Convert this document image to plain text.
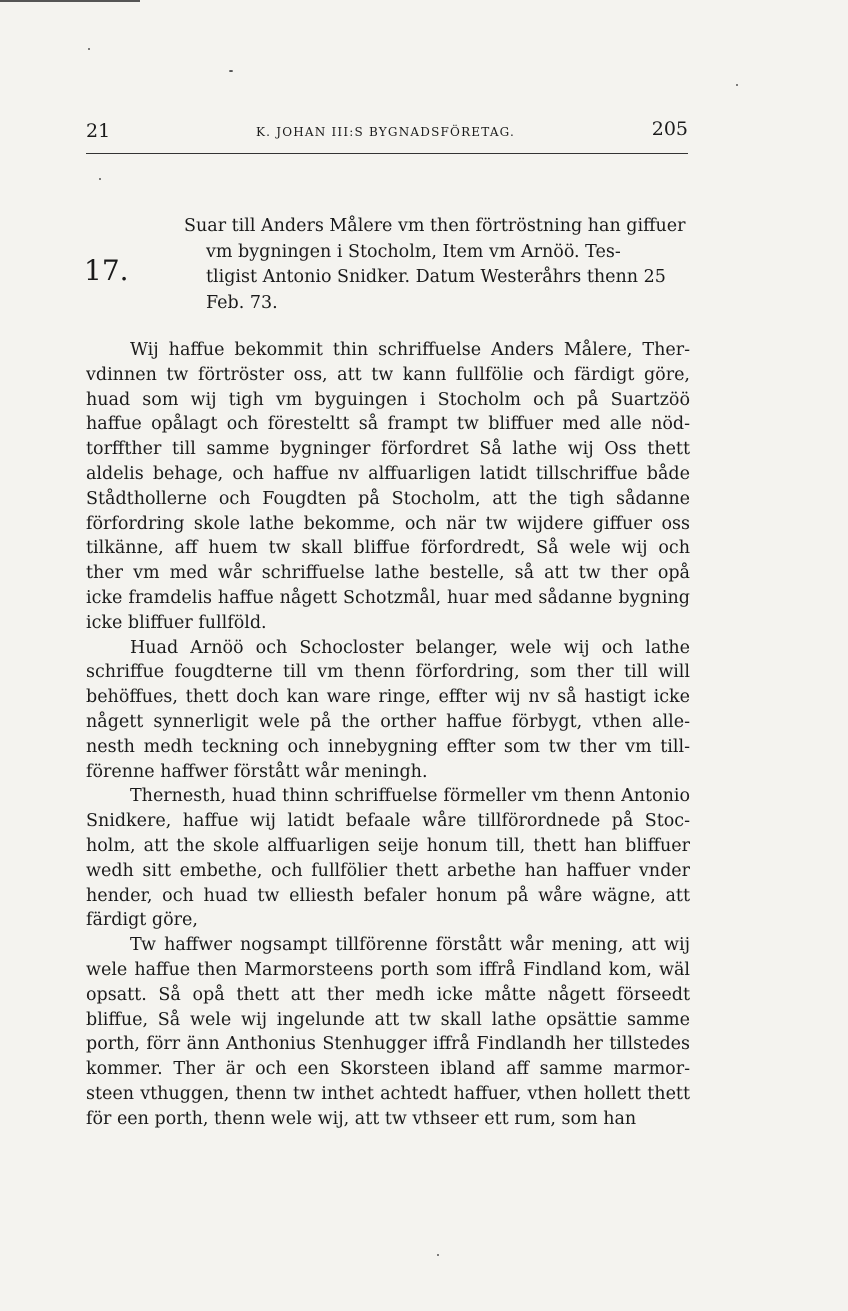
21	K. JOHAN III:S BYGNADSFÖRETAG.	205
17.
Suar till Anders Målere vm then förtröstning han giffuer
vm bygningen i Stocholm, Item vm Arnöö. Tes-
tligist Antonio Snidker. Datum Westeråhrs thenn 25
Feb. 73.
Wij haffue bekommit thin schriffuelse Anders Målere, Ther-
vdinnen tw förtröster oss, att tw kann fullfölie och färdigt göre,
huad som wij tigh vm byguingen i Stocholm och på Suartzöö
haffue opålagt och föresteltt så frampt tw bliffuer med alle nöd-
torffther till samme bygninger förfordret Så lathe wij Oss thett
aldelis behage, och haffue nv alffuarligen latidt tillschriffue både
Stådthollerne och Fougdten på Stocholm, att the tigh sådanne
förfordring skole lathe bekomme, och när tw wijdere giffuer oss
tilkänne, aff huem tw skall bliffue förfordredt, Så wele wij och
ther vm med wår schriffuelse lathe bestelle, så att tw ther opå
icke framdelis haffue någett Schotzmål, huar med sådanne bygning
icke bliffuer fullföld.
Huad Arnöö och Schocloster belanger, wele wij och lathe
schriffue fougdterne till vm thenn förfordring, som ther till will
behöffues, thett doch kan ware ringe, effter wij nv så hastigt icke
någett synnerligit wele på the orther haffue förbygt, vthen alle-
nesth medh teckning och innebygning effter som tw ther vm till-
förenne haffwer förstått wår meningh.
Thernesth, huad thinn schriffuelse förmeller vm thenn Antonio
Snidkere, haffue wij latidt befaale wåre tillförordnede på Stoc-
holm, att the skole alffuarligen seije honum till, thett han bliffuer
wedh sitt embethe, och fullfölier thett arbethe han haffuer vnder
hender, och huad tw elliesth befaler honum på wåre wägne, att
färdigt göre,
Tw haffwer nogsampt tillförenne förstått wår mening, att wij
wele haffue then Marmorsteens porth som iffrå Findland kom, wäl
opsatt. Så opå thett att ther medh icke måtte någett förseedt
bliffue, Så wele wij ingelunde att tw skall lathe opsättie samme
porth, förr änn Anthonius Stenhugger iffrå Findlandh her tillstedes
kommer. Ther är och een Skorsteen ibland aff samme marmor-
steen vthuggen, thenn tw inthet achtedt haffuer, vthen hollett thett
för een porth, thenn wele wij, att tw vthseer ett rum, som han
